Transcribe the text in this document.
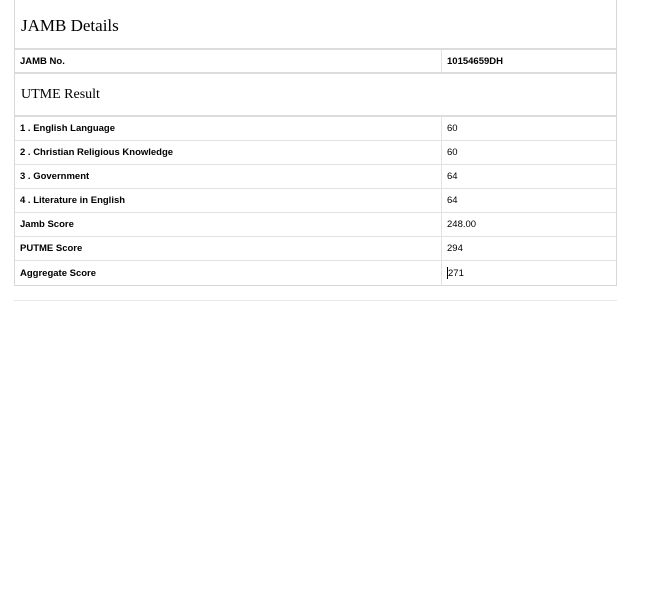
JAMB Details
JAMB No.	10154659DH
UTME Result
1 . English Language	60
2 . Christian Religious Knowledge	60
3 . Government	64
4 . Literature in English	64
Jamb Score	248.00
PUTME Score	294
Aggregate Score	271
